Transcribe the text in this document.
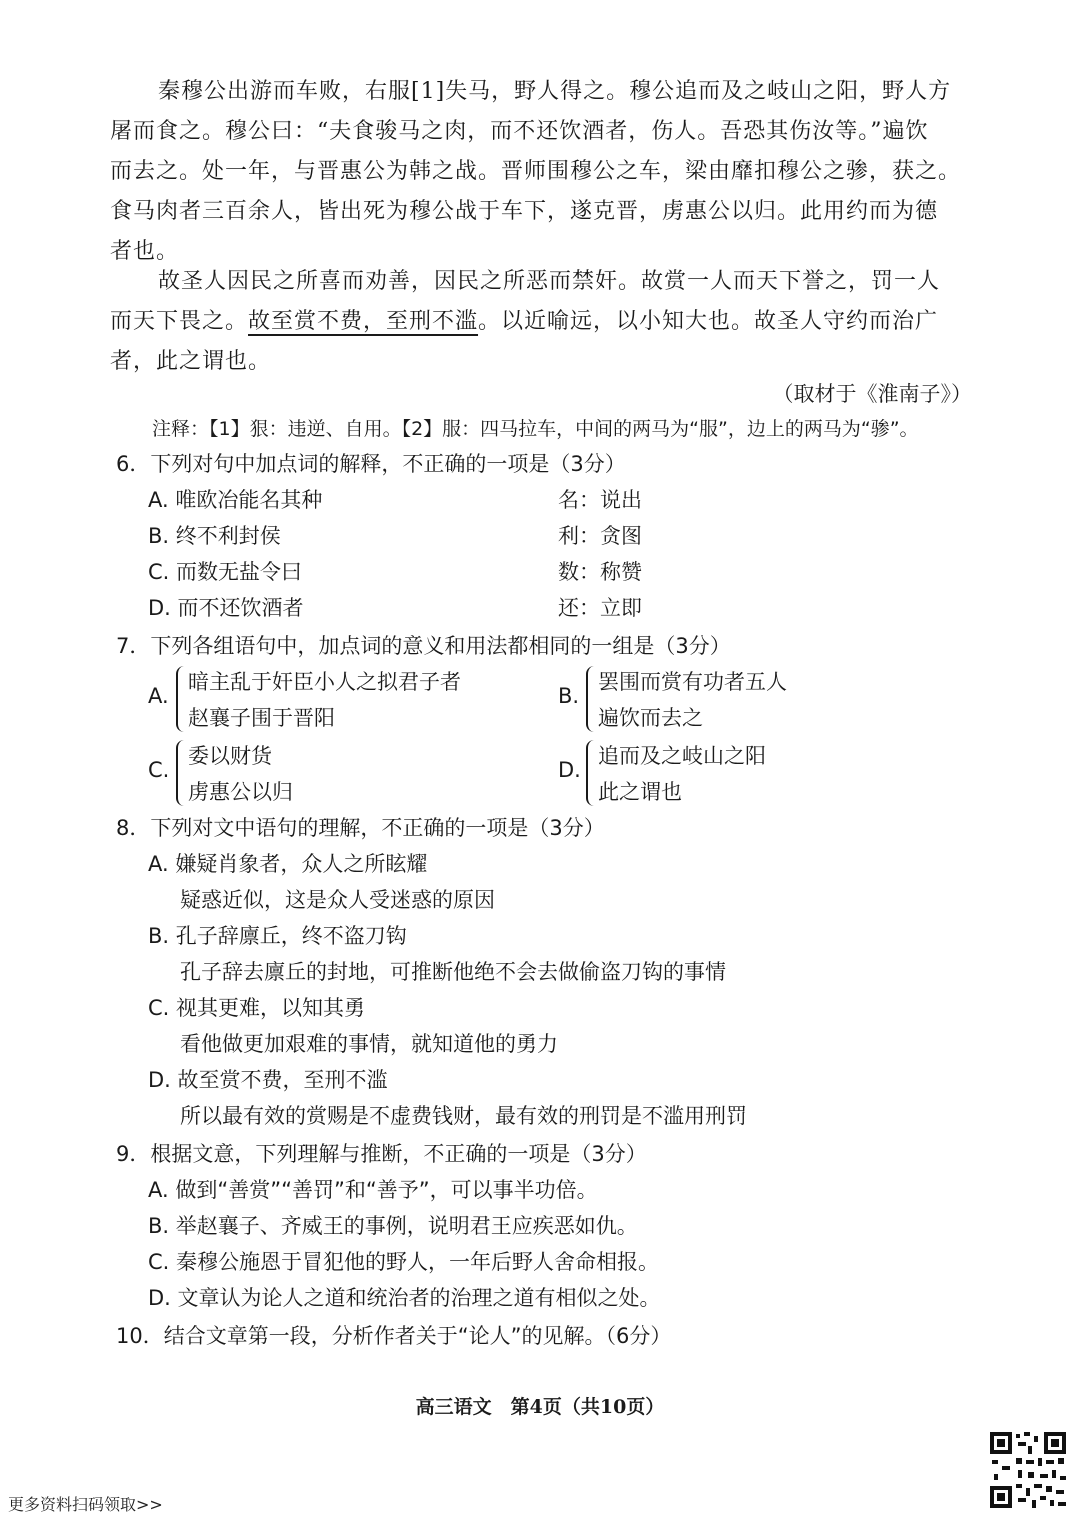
秦穆公出游而车败，右服[1]失马，野人得之。穆公追而及之岐山之阳，野人方
屠而食之。穆公曰：“夫食骏马之肉，而不还饮酒者，伤人。吾恐其伤汝等。”遍饮
而去之。处一年，与晋惠公为韩之战。晋师围穆公之车，梁由靡扣穆公之骖，获之。
食马肉者三百余人，皆出死为穆公战于车下，遂克晋，虏惠公以归。此用约而为德
者也。
故圣人因民之所喜而劝善，因民之所恶而禁奸。故赏一人而天下誉之，罚一人
而天下畏之。故至赏不费，至刑不滥。以近喻远，以小知大也。故圣人守约而治广
者，此之谓也。
（取材于《淮南子》）
注释：【1】狠：违逆、自用。【2】服：四马拉车，中间的两马为“服”，边上的两马为“骖”。
6．下列对句中加点词的解释，不正确的一项是（3分）
A. 唯欧冶能名其种	名：说出
B. 终不利封侯	利：贪图
C. 而数无盐令曰	数：称赞
D. 而不还饮酒者	还：立即
7．下列各组语句中，加点词的意义和用法都相同的一组是（3分）
A.
暗主乱于奸臣小人之拟君子者
赵襄子围于晋阳
B.
罢围而赏有功者五人
遍饮而去之
C.
委以财货
虏惠公以归
D.
追而及之岐山之阳
此之谓也
8．下列对文中语句的理解，不正确的一项是（3分）
A. 嫌疑肖象者，众人之所眩耀
疑惑近似，这是众人受迷惑的原因
B. 孔子辞廪丘，终不盗刀钩
孔子辞去廪丘的封地，可推断他绝不会去做偷盗刀钩的事情
C. 视其更难，以知其勇
看他做更加艰难的事情，就知道他的勇力
D. 故至赏不费，至刑不滥
所以最有效的赏赐是不虚费钱财，最有效的刑罚是不滥用刑罚
9．根据文意，下列理解与推断，不正确的一项是（3分）
A. 做到“善赏”“善罚”和“善予”，可以事半功倍。
B. 举赵襄子、齐威王的事例，说明君王应疾恶如仇。
C. 秦穆公施恩于冒犯他的野人，一年后野人舍命相报。
D. 文章认为论人之道和统治者的治理之道有相似之处。
10．结合文章第一段，分析作者关于“论人”的见解。（6分）
高三语文　第4页（共10页）
更多资料扫码领取>>
